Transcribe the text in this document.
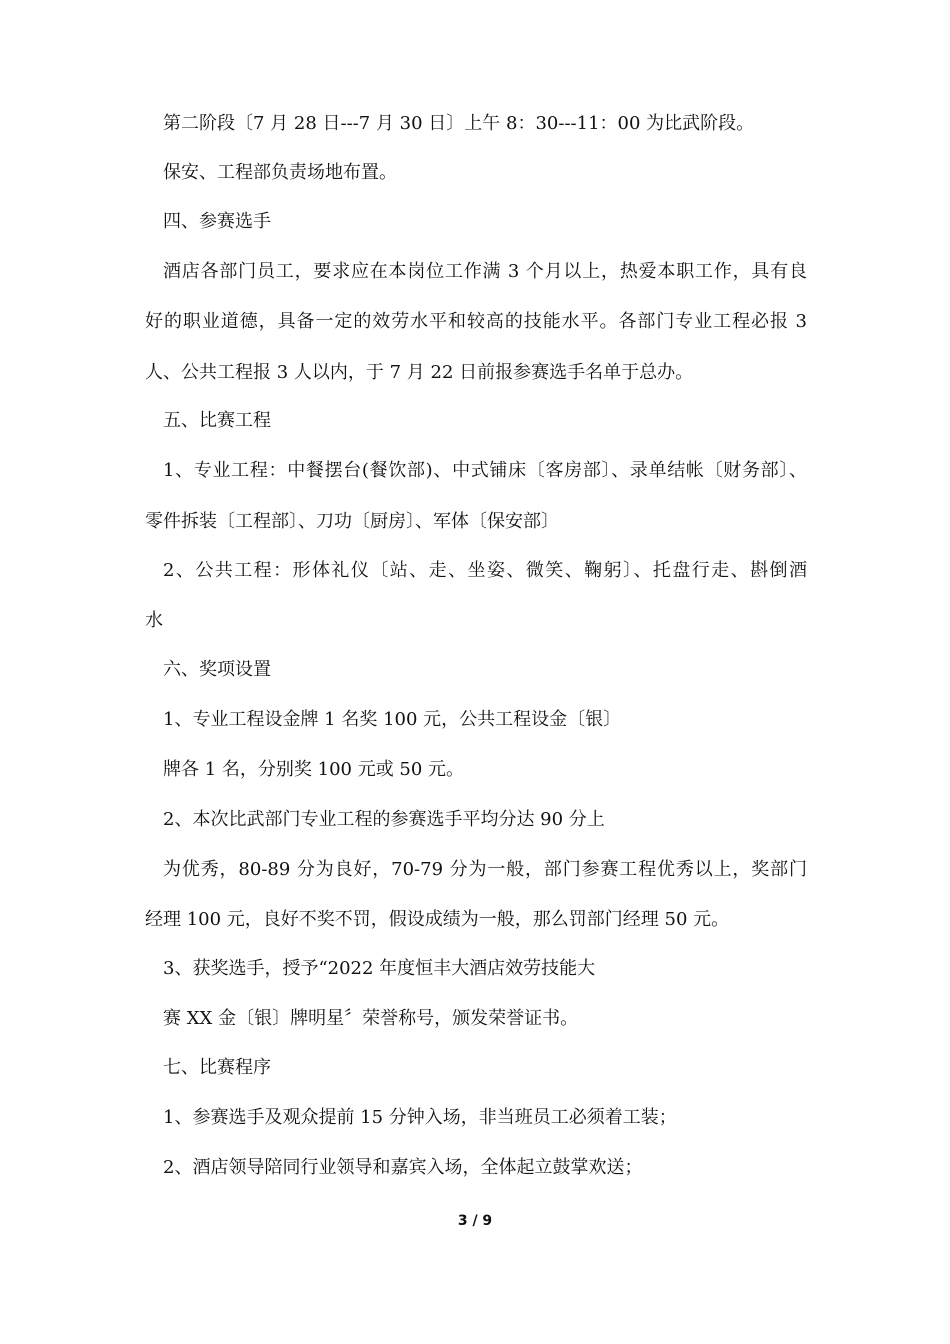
第二阶段〔7 月 28 日---7 月 30 日〕上午 8：30---11：00 为比武阶段。
保安、工程部负责场地布置。
四、参赛选手
酒店各部门员工，要求应在本岗位工作满 3 个月以上，热爱本职工作，具有良
好的职业道德，具备一定的效劳水平和较高的技能水平。各部门专业工程必报 3
人、公共工程报 3 人以内，于 7 月 22 日前报参赛选手名单于总办。
五、比赛工程
1、专业工程：中餐摆台(餐饮部)、中式铺床〔客房部〕、录单结帐〔财务部〕、
零件拆装〔工程部〕、刀功〔厨房〕、军体〔保安部〕
2、公共工程：形体礼仪〔站、走、坐姿、微笑、鞠躬〕、托盘行走、斟倒酒
水
六、奖项设置
1、专业工程设金牌 1 名奖 100 元，公共工程设金〔银〕
牌各 1 名，分别奖 100 元或 50 元。
2、本次比武部门专业工程的参赛选手平均分达 90 分上
为优秀，80-89 分为良好，70-79 分为一般，部门参赛工程优秀以上，奖部门
经理 100 元，良好不奖不罚，假设成绩为一般，那么罚部门经理 50 元。
3、获奖选手，授予“2022 年度恒丰大酒店效劳技能大
赛 XX 金〔银〕牌明星〞荣誉称号，颁发荣誉证书。
七、比赛程序
1、参赛选手及观众提前 15 分钟入场，非当班员工必须着工装；
2、酒店领导陪同行业领导和嘉宾入场，全体起立鼓掌欢送；
3 / 9
